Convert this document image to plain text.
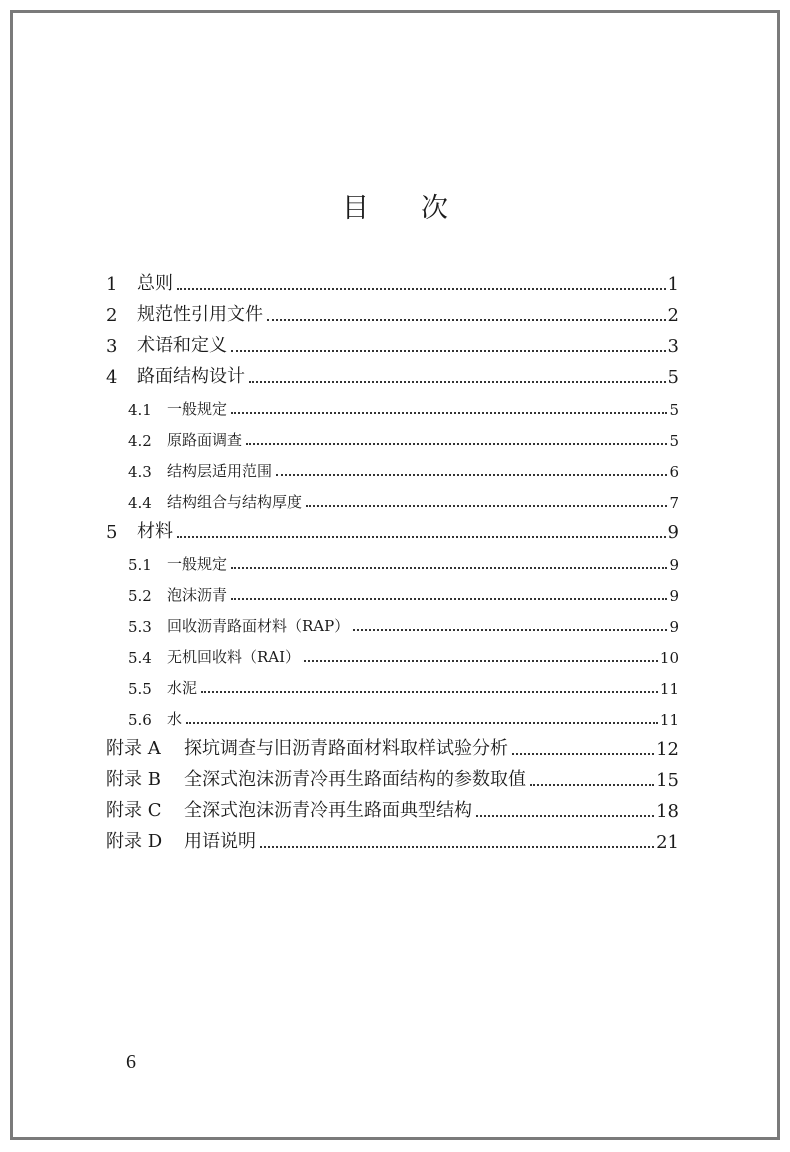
目次
1	总则	1
2	规范性引用文件	2
3	术语和定义	3
4	路面结构设计	5
4.1	一般规定	5
4.2	原路面调查	5
4.3	结构层适用范围	6
4.4	结构组合与结构厚度	7
5	材料	9
5.1	一般规定	9
5.2	泡沫沥青	9
5.3	回收沥青路面材料（RAP）	9
5.4	无机回收料（RAI）	10
5.5	水泥	11
5.6	水	11
附录 A	探坑调查与旧沥青路面材料取样试验分析	12
附录 B	全深式泡沫沥青冷再生路面结构的参数取值	15
附录 C	全深式泡沫沥青冷再生路面典型结构	18
附录 D	用语说明	21
6
